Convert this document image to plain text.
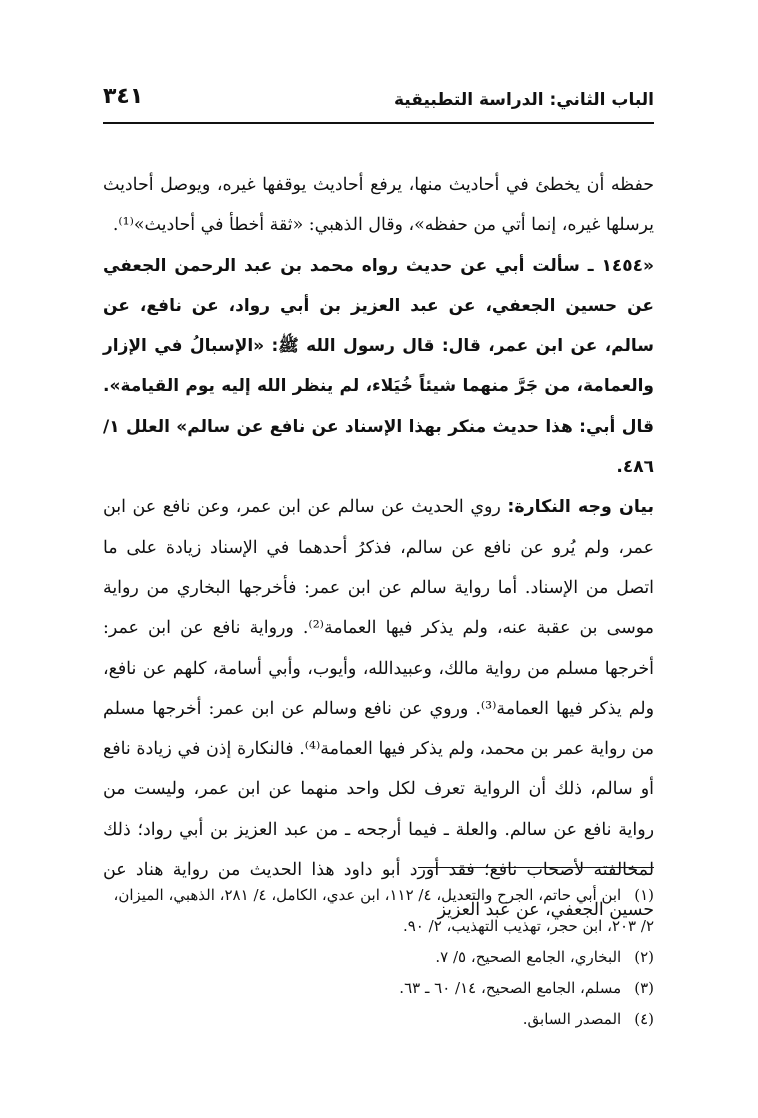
الباب الثاني: الدراسة التطبيقية
٣٤١

حفظه أن يخطئ في أحاديث منها، يرفع أحاديث يوقفها غيره، ويوصل أحاديث يرسلها غيره، إنما أتي من حفظه»، وقال الذهبي: «ثقة أخطأ في أحاديث»⁽¹⁾.

«١٤٥٤ ـ سألت أبي عن حديث رواه محمد بن عبد الرحمن الجعفي عن حسين الجعفي، عن عبد العزيز بن أبي رواد، عن نافع، عن سالم، عن ابن عمر، قال: قال رسول الله ﷺ: «الإسبالُ في الإزار والعمامة، من جَرَّ منهما شيئاً خُيَلاء، لم ينظر الله إليه يوم القيامة». قال أبي: هذا حديث منكر بهذا الإسناد عن نافع عن سالم» العلل ١/ ٤٨٦.

بيان وجه النكارة: روي الحديث عن سالم عن ابن عمر، وعن نافع عن ابن عمر، ولم يُرو عن نافع عن سالم، فذكرُ أحدهما في الإسناد زيادة على ما اتصل من الإسناد. أما رواية سالم عن ابن عمر: فأخرجها البخاري من رواية موسى بن عقبة عنه، ولم يذكر فيها العمامة⁽²⁾. ورواية نافع عن ابن عمر: أخرجها مسلم من رواية مالك، وعبيدالله، وأيوب، وأبي أسامة، كلهم عن نافع، ولم يذكر فيها العمامة⁽³⁾. وروي عن نافع وسالم عن ابن عمر: أخرجها مسلم من رواية عمر بن محمد، ولم يذكر فيها العمامة⁽⁴⁾. فالنكارة إذن في زيادة نافع أو سالم، ذلك أن الرواية تعرف لكل واحد منهما عن ابن عمر، وليست من رواية نافع عن سالم. والعلة ـ فيما أرجحه ـ من عبد العزيز بن أبي رواد؛ ذلك لمخالفته لأصحاب نافع؛ فقد أورد أبو داود هذا الحديث من رواية هناد عن حسين الجعفي، عن عبد العزيز

(١) ابن أبي حاتم، الجرح والتعديل، ٤/ ١١٢، ابن عدي، الكامل، ٤/ ٢٨١، الذهبي، الميزان، ٢/ ٢٠٣، ابن حجر، تهذيب التهذيب، ٢/ ٩٠.

(٢) البخاري، الجامع الصحيح، ٥/ ٧.

(٣) مسلم، الجامع الصحيح، ١٤/ ٦٠ ـ ٦٣.

(٤) المصدر السابق.
